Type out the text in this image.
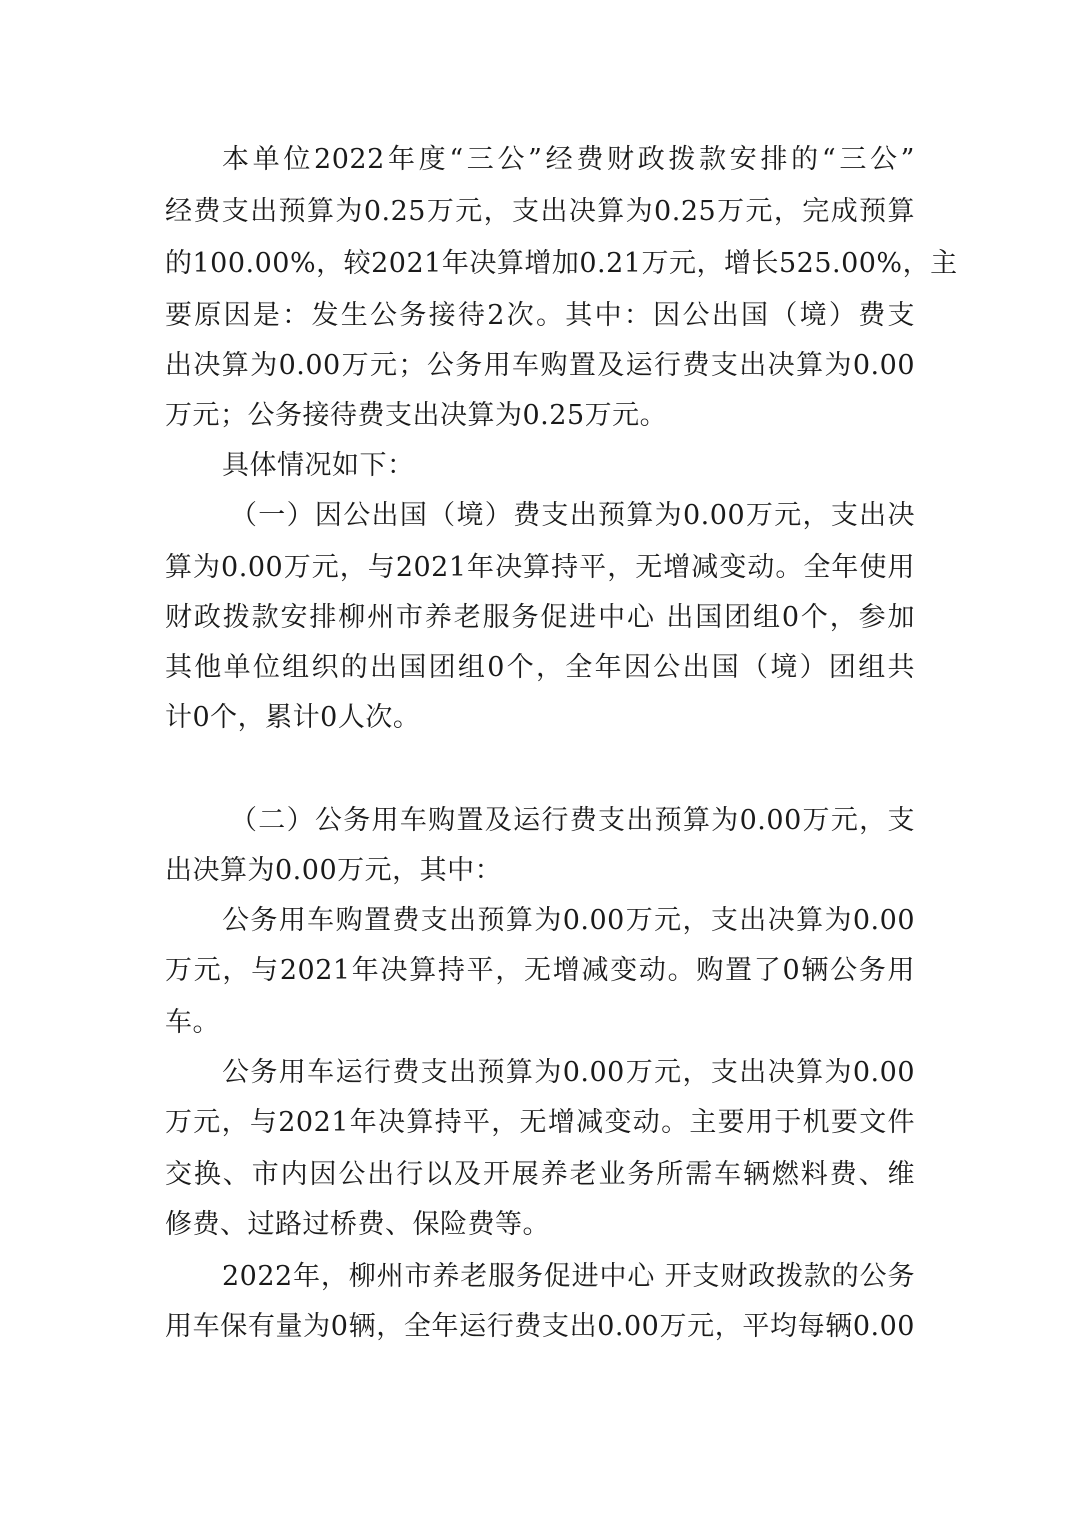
本单位2022年度“三公”经费财政拨款安排的“三公”
经费支出预算为0.25万元，支出决算为0.25万元，完成预算
的100.00%，较2021年决算增加0.21万元，增长525.00%，主
要原因是：发生公务接待2次。其中：因公出国（境）费支
出决算为0.00万元；公务用车购置及运行费支出决算为0.00
万元；公务接待费支出决算为0.25万元。
具体情况如下：
（一）因公出国（境）费支出预算为0.00万元，支出决
算为0.00万元，与2021年决算持平，无增减变动。全年使用
财政拨款安排柳州市养老服务促进中心 出国团组0个，参加
其他单位组织的出国团组0个，全年因公出国（境）团组共
计0个，累计0人次。
（二）公务用车购置及运行费支出预算为0.00万元，支
出决算为0.00万元，其中：
公务用车购置费支出预算为0.00万元，支出决算为0.00
万元，与2021年决算持平，无增减变动。购置了0辆公务用
车。
公务用车运行费支出预算为0.00万元，支出决算为0.00
万元，与2021年决算持平，无增减变动。主要用于机要文件
交换、市内因公出行以及开展养老业务所需车辆燃料费、维
修费、过路过桥费、保险费等。
2022年，柳州市养老服务促进中心 开支财政拨款的公务
用车保有量为0辆，全年运行费支出0.00万元，平均每辆0.00
